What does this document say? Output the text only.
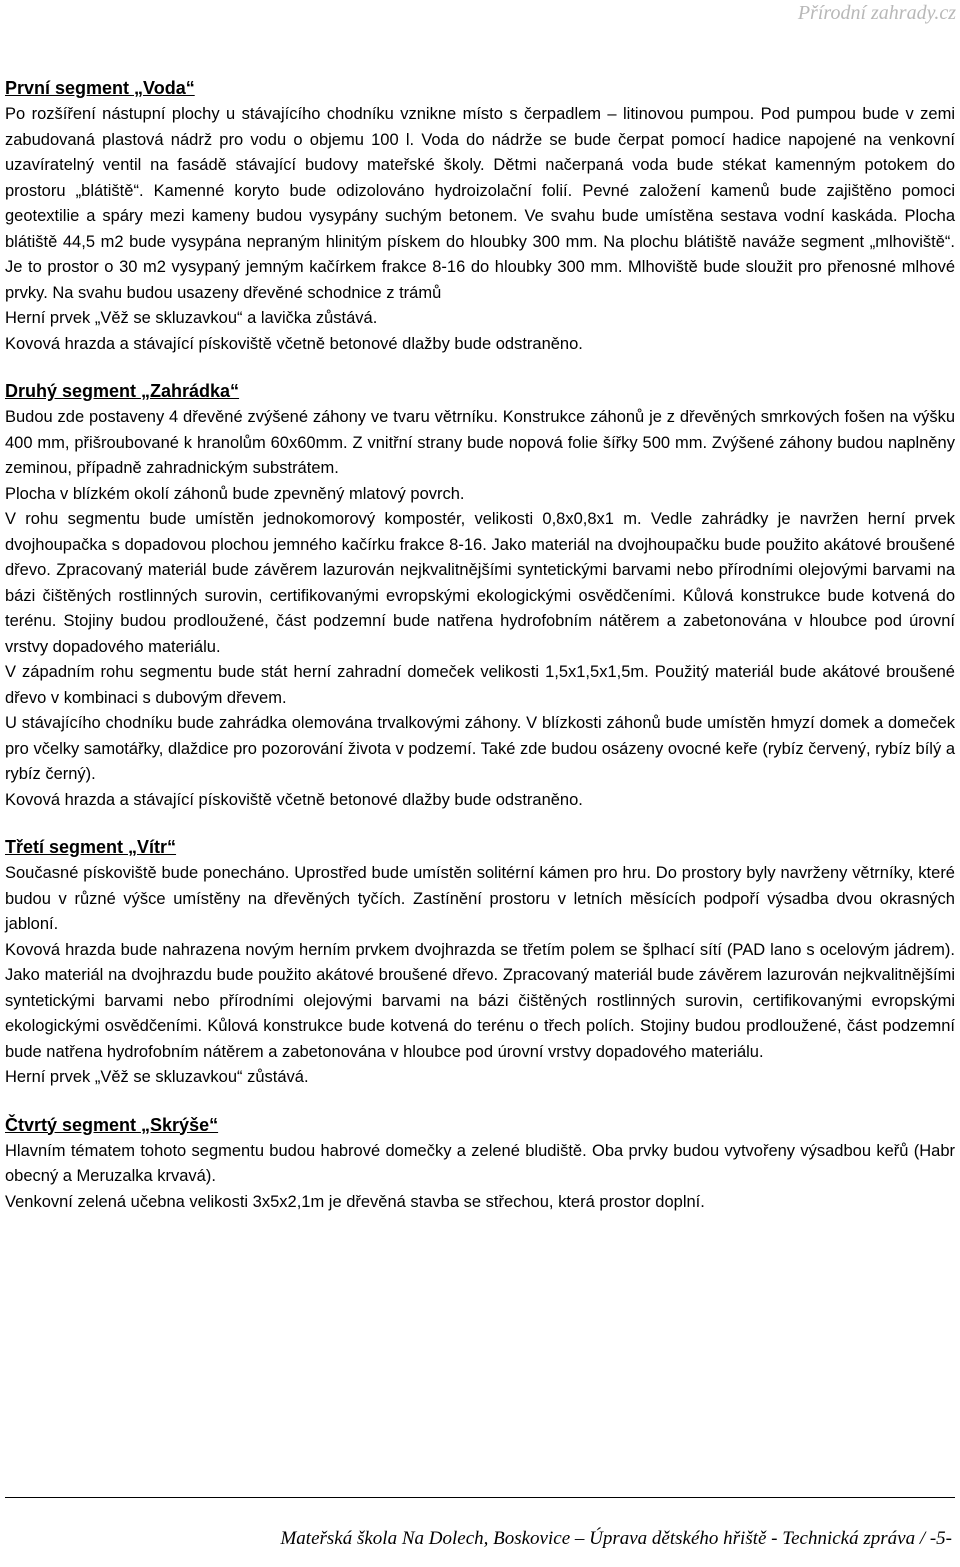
Přírodní zahrady.cz
První segment „Voda“

Po rozšíření nástupní plochy u stávajícího chodníku vznikne místo s čerpadlem – litinovou pumpou. Pod pumpou bude v zemi zabudovaná plastová nádrž pro vodu o objemu 100 l. Voda do nádrže se bude čerpat pomocí hadice napojené na venkovní uzavíratelný ventil na fasádě stávající budovy mateřské školy. Dětmi načerpaná voda bude stékat kamenným potokem do prostoru „blátiště“. Kamenné koryto bude odizolováno hydroizolační folií. Pevné založení kamenů bude zajištěno pomoci geotextilie a spáry mezi kameny budou vysypány suchým betonem. Ve svahu bude umístěna sestava vodní kaskáda. Plocha blátiště 44,5 m2 bude vysypána nepraným hlinitým pískem do hloubky 300 mm. Na plochu blátiště naváže segment „mlhoviště“. Je to prostor o 30 m2 vysypaný jemným kačírkem frakce 8-16 do hloubky 300 mm. Mlhoviště bude sloužit pro přenosné mlhové prvky. Na svahu budou usazeny dřevěné schodnice z trámů

Herní prvek „Věž se skluzavkou“ a lavička zůstává.

Kovová hrazda a stávající pískoviště včetně betonové dlažby bude odstraněno.

Druhý segment „Zahrádka“

Budou zde postaveny 4 dřevěné zvýšené záhony ve tvaru větrníku. Konstrukce záhonů je z dřevěných smrkových fošen na výšku 400 mm, přišroubované k hranolům 60x60mm. Z vnitřní strany bude nopová folie šířky 500 mm. Zvýšené záhony budou naplněny zeminou, případně zahradnickým substrátem.

Plocha v blízkém okolí záhonů bude zpevněný mlatový povrch.

V rohu segmentu bude umístěn jednokomorový kompostér, velikosti 0,8x0,8x1 m. Vedle zahrádky je navržen herní prvek dvojhoupačka s dopadovou plochou jemného kačírku frakce 8-16. Jako materiál na dvojhoupačku bude použito akátové broušené dřevo. Zpracovaný materiál bude závěrem lazurován nejkvalitnějšími syntetickými barvami nebo přírodními olejovými barvami na bázi čištěných rostlinných surovin, certifikovanými evropskými ekologickými osvědčeními. Kůlová konstrukce bude kotvená do terénu. Stojiny budou prodloužené, část podzemní bude natřena hydrofobním nátěrem a zabetonována v hloubce pod úrovní vrstvy dopadového materiálu.

V západním rohu segmentu bude stát herní zahradní domeček velikosti 1,5x1,5x1,5m. Použitý materiál bude akátové broušené dřevo v kombinaci s dubovým dřevem.

U stávajícího chodníku bude zahrádka olemována trvalkovými záhony. V blízkosti záhonů bude umístěn hmyzí domek a domeček pro včelky samotářky, dlaždice pro pozorování života v podzemí. Také zde budou osázeny ovocné keře (rybíz červený, rybíz bílý a rybíz černý).

Kovová hrazda a stávající pískoviště včetně betonové dlažby bude odstraněno.

Třetí segment „Vítr“

Současné pískoviště bude ponecháno. Uprostřed bude umístěn solitérní kámen pro hru. Do prostory byly navrženy větrníky, které budou v různé výšce umístěny na dřevěných tyčích. Zastínění prostoru v letních měsících podpoří výsadba dvou okrasných jabloní.

Kovová hrazda bude nahrazena novým herním prvkem dvojhrazda se třetím polem se šplhací sítí (PAD lano s ocelovým jádrem). Jako materiál na dvojhrazdu bude použito akátové broušené dřevo. Zpracovaný materiál bude závěrem lazurován nejkvalitnějšími syntetickými barvami nebo přírodními olejovými barvami na bázi čištěných rostlinných surovin, certifikovanými evropskými ekologickými osvědčeními. Kůlová konstrukce bude kotvená do terénu o třech polích. Stojiny budou prodloužené, část podzemní bude natřena hydrofobním nátěrem a zabetonována v hloubce pod úrovní vrstvy dopadového materiálu.

Herní prvek „Věž se skluzavkou“ zůstává.

Čtvrtý segment „Skrýše“

Hlavním tématem tohoto segmentu budou habrové domečky a zelené bludiště. Oba prvky budou vytvořeny výsadbou keřů (Habr obecný a Meruzalka krvavá).

Venkovní zelená učebna velikosti 3x5x2,1m je dřevěná stavba se střechou, která prostor doplní.

Mateřská škola Na Dolech, Boskovice – Úprava dětského hřiště - Technická zpráva / -5-
